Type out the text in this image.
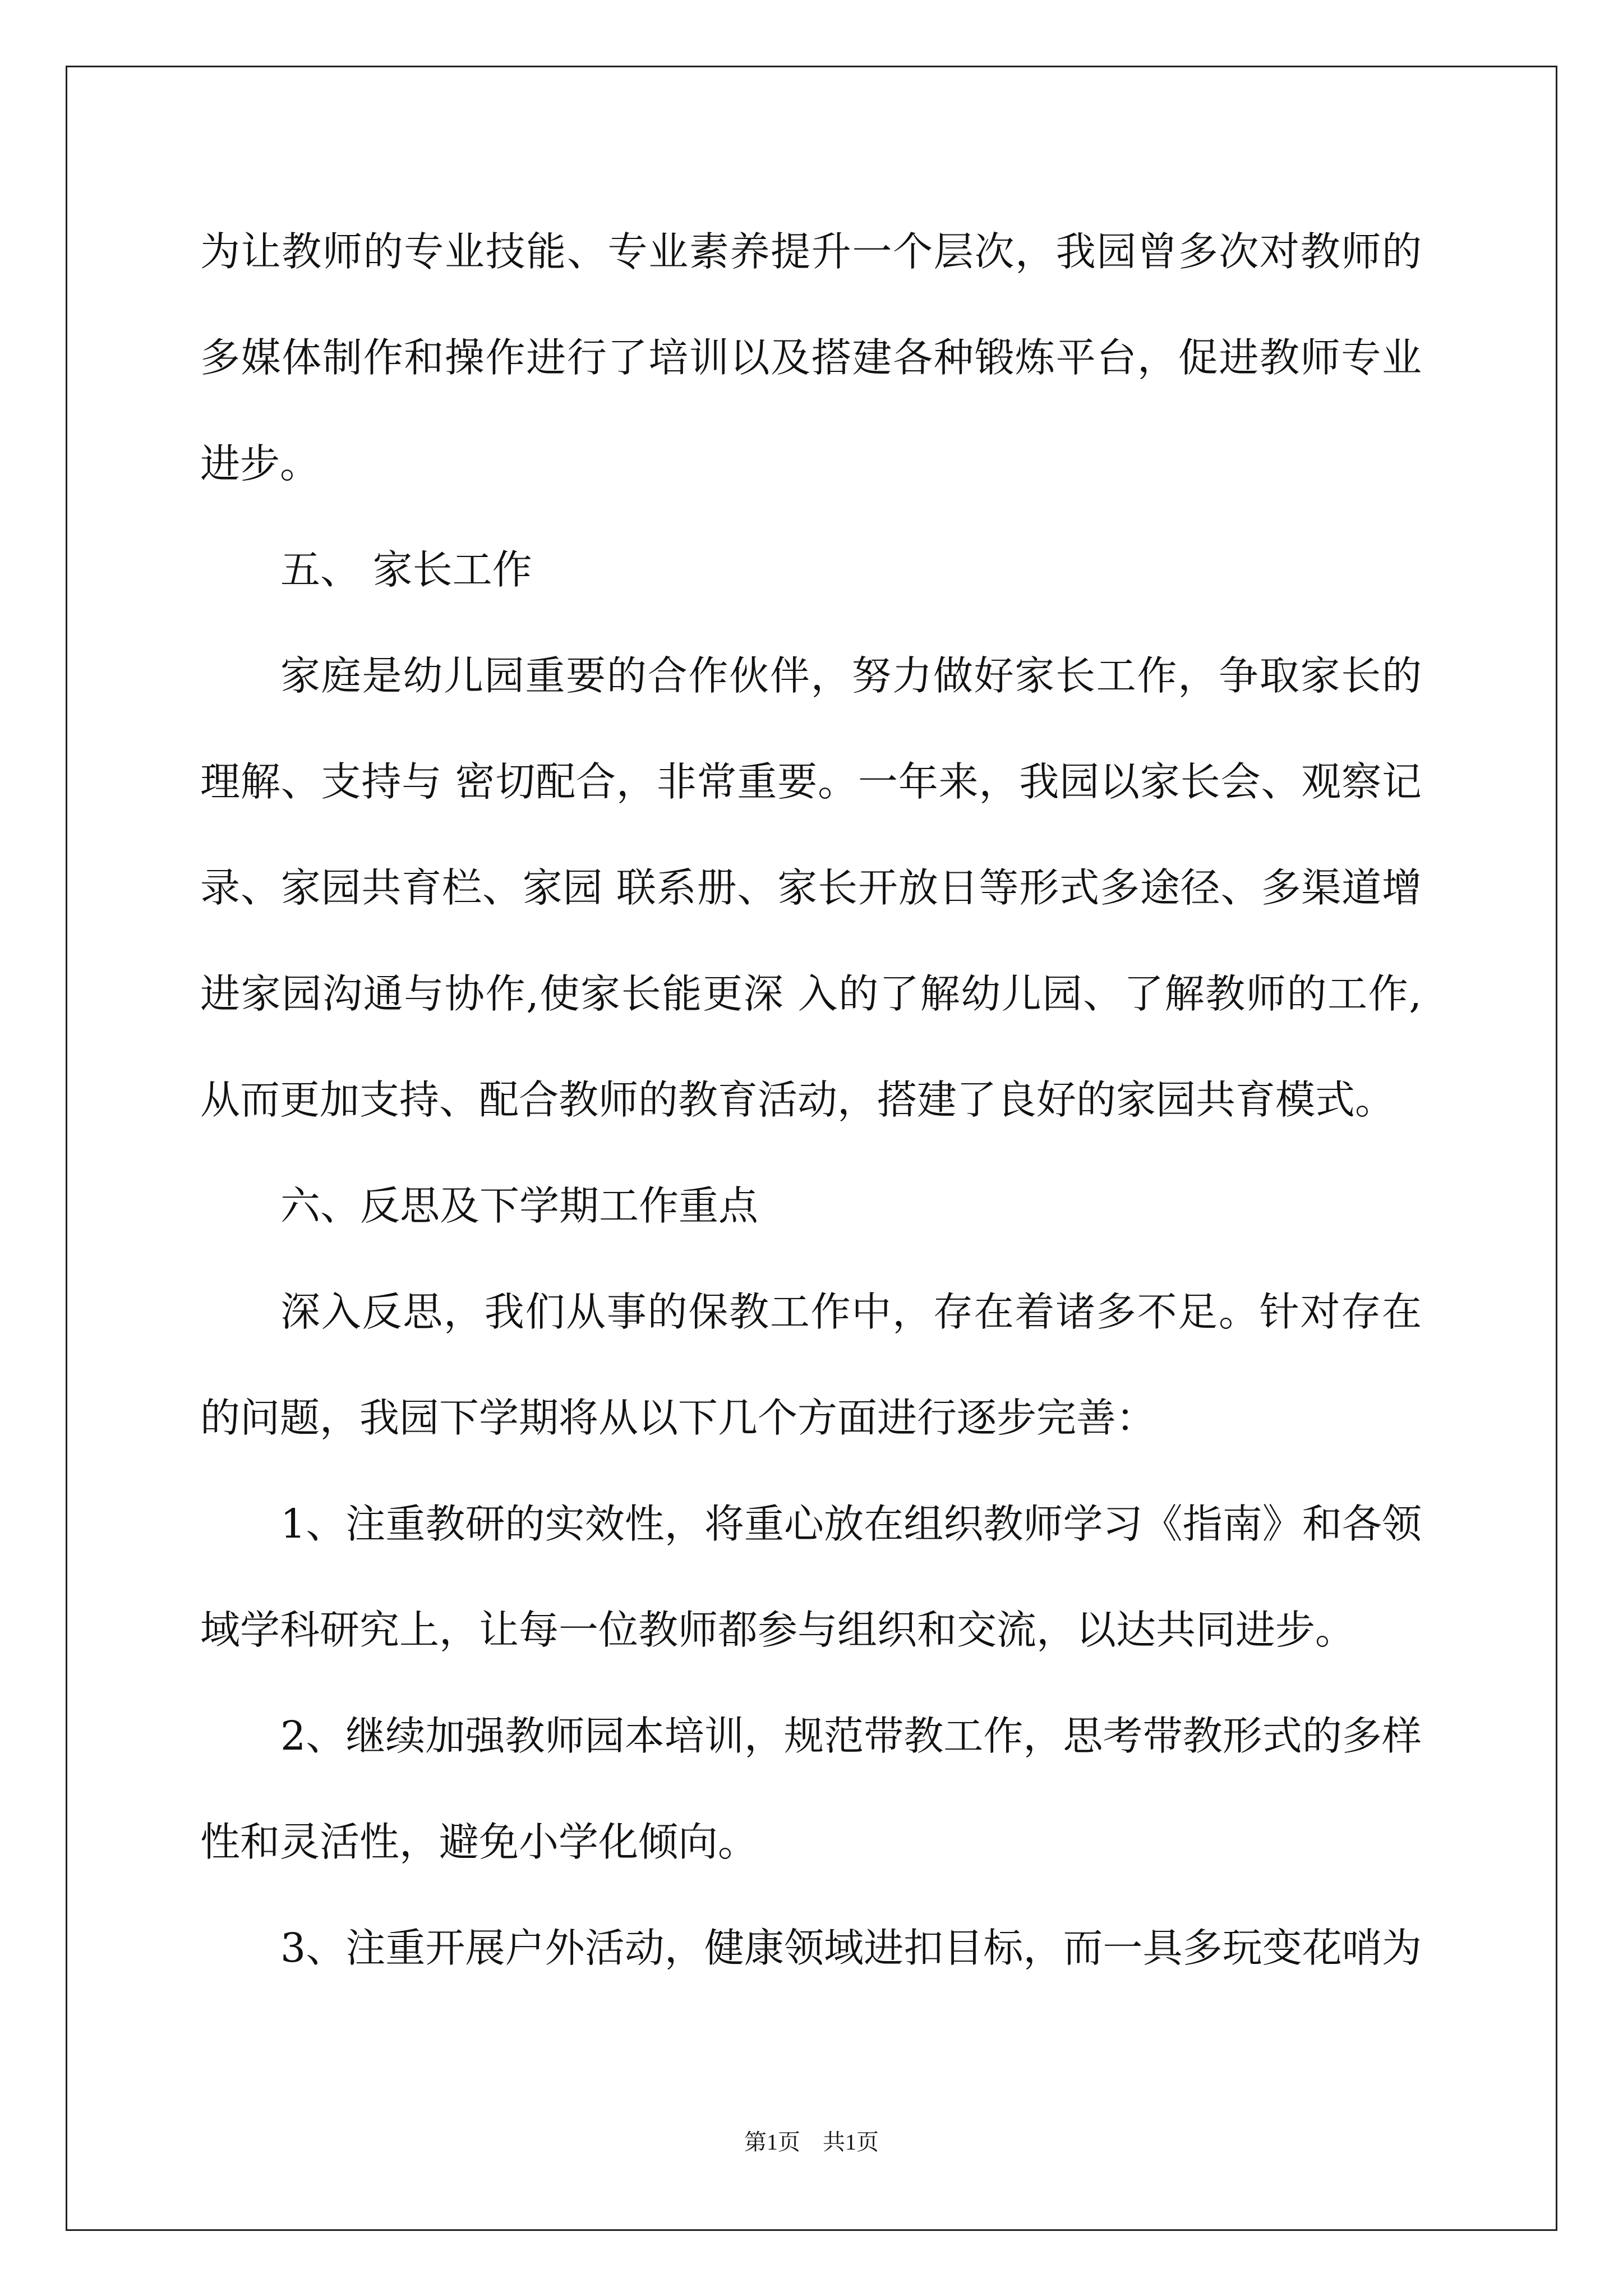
为让教师的专业技能、专业素养提升一个层次，我园曾多次对教师的
多媒体制作和操作进行了培训以及搭建各种锻炼平台，促进教师专业
进步。
五、 家长工作
家庭是幼儿园重要的合作伙伴，努力做好家长工作，争取家长的
理解、支持与 密切配合，非常重要。一年来，我园以家长会、观察记
录、家园共育栏、家园 联系册、家长开放日等形式多途径、多渠道增
进家园沟通与协作,使家长能更深 入的了解幼儿园、了解教师的工作,
从而更加支持、配合教师的教育活动，搭建了良好的家园共育模式。
六、反思及下学期工作重点
深入反思，我们从事的保教工作中，存在着诸多不足。针对存在
的问题，我园下学期将从以下几个方面进行逐步完善：
1、注重教研的实效性，将重心放在组织教师学习《指南》和各领
域学科研究上，让每一位教师都参与组织和交流，以达共同进步。
2、继续加强教师园本培训，规范带教工作，思考带教形式的多样
性和灵活性，避免小学化倾向。
3、注重开展户外活动，健康领域进扣目标，而一具多玩变花哨为
第1页　共1页
